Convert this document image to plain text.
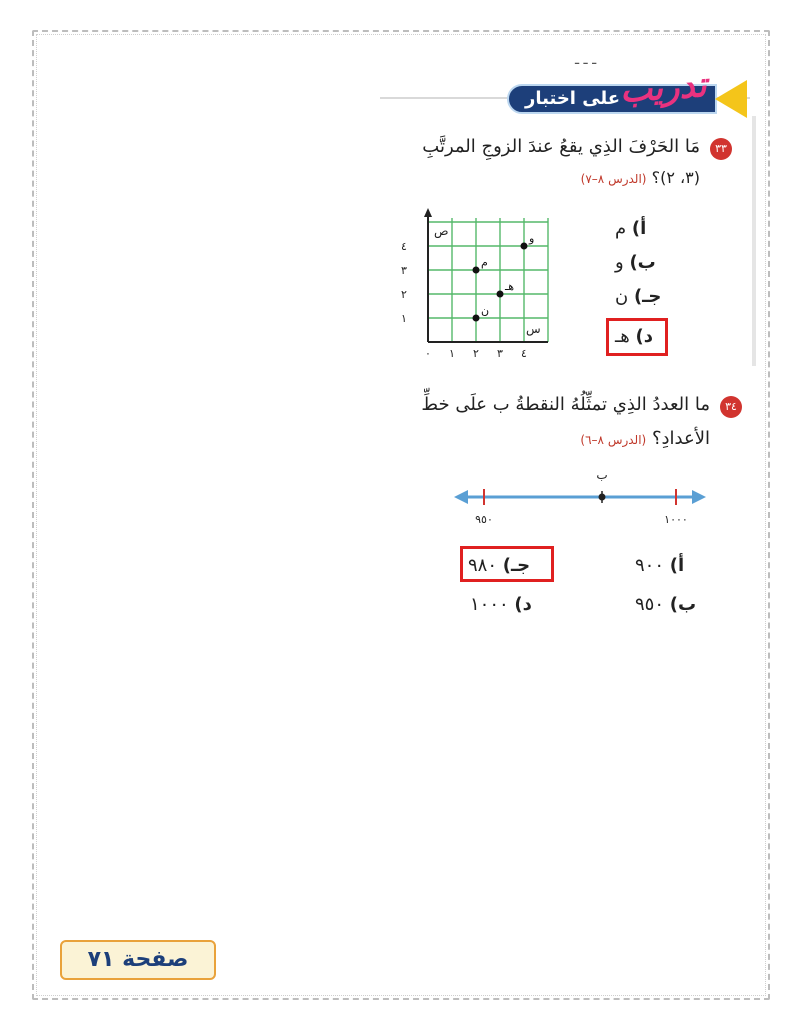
ـ ـ ـ
على اختبار
تدريب
٣٣
مَا الحَرْفَ الذِي يقعُ عندَ الزوجِ المرتَّبِ
(٣، ٢)؟ (الدرس ٨–٧)
ص
س
٠ ١ ٢ ٣ ٤
١
٢
٣
٤
و
م
هـ
ن
أ) م
ب) و
جـ) ن
د) هـ
٣٤
ما العددُ الذِي تمثِّلُهُ النقطةُ ب علَى خطِّ
الأعدادِ؟ (الدرس ٨–٦)
ب
٩٥٠	١٠٠٠
أ) ٩٠٠
جـ) ٩٨٠
ب) ٩٥٠
د) ١٠٠٠
صفحة ٧١
